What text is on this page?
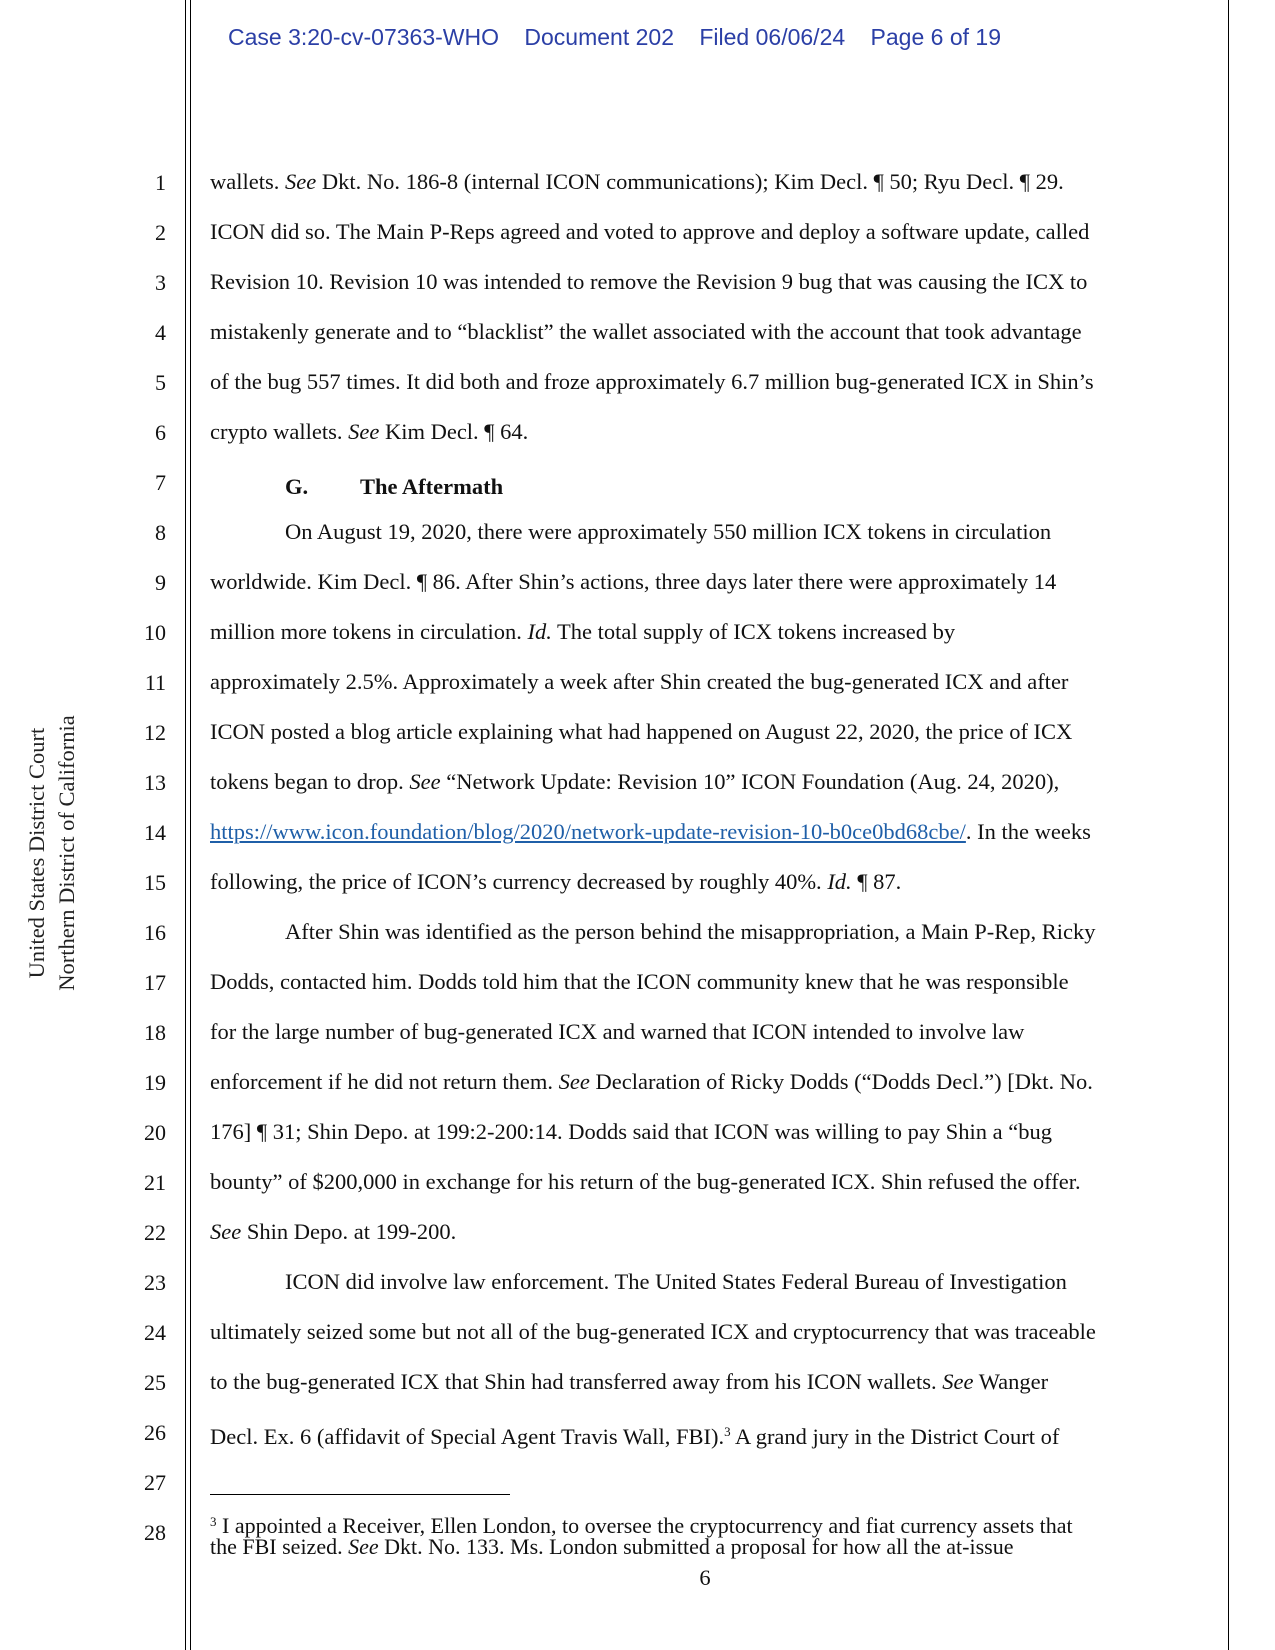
Case 3:20-cv-07363-WHO Document 202 Filed 06/06/24 Page 6 of 19
United States District Court Northern District of California
1
2
3
4
5
6
7
8
9
10
11
12
13
14
15
16
17
18
19
20
21
22
23
24
25
26
27
28
wallets. See Dkt. No. 186-8 (internal ICON communications); Kim Decl. ¶ 50; Ryu Decl. ¶ 29.
ICON did so. The Main P-Reps agreed and voted to approve and deploy a software update, called
Revision 10. Revision 10 was intended to remove the Revision 9 bug that was causing the ICX to
mistakenly generate and to “blacklist” the wallet associated with the account that took advantage
of the bug 557 times. It did both and froze approximately 6.7 million bug-generated ICX in Shin’s
crypto wallets. See Kim Decl. ¶ 64.
G. The Aftermath
On August 19, 2020, there were approximately 550 million ICX tokens in circulation
worldwide. Kim Decl. ¶ 86. After Shin’s actions, three days later there were approximately 14
million more tokens in circulation. Id. The total supply of ICX tokens increased by
approximately 2.5%. Approximately a week after Shin created the bug-generated ICX and after
ICON posted a blog article explaining what had happened on August 22, 2020, the price of ICX
tokens began to drop. See “Network Update: Revision 10” ICON Foundation (Aug. 24, 2020),
https://www.icon.foundation/blog/2020/network-update-revision-10-b0ce0bd68cbe/. In the weeks
following, the price of ICON’s currency decreased by roughly 40%. Id. ¶ 87.
After Shin was identified as the person behind the misappropriation, a Main P-Rep, Ricky
Dodds, contacted him. Dodds told him that the ICON community knew that he was responsible
for the large number of bug-generated ICX and warned that ICON intended to involve law
enforcement if he did not return them. See Declaration of Ricky Dodds (“Dodds Decl.”) [Dkt. No.
176] ¶ 31; Shin Depo. at 199:2-200:14. Dodds said that ICON was willing to pay Shin a “bug
bounty” of $200,000 in exchange for his return of the bug-generated ICX. Shin refused the offer.
See Shin Depo. at 199-200.
ICON did involve law enforcement. The United States Federal Bureau of Investigation
ultimately seized some but not all of the bug-generated ICX and cryptocurrency that was traceable
to the bug-generated ICX that Shin had transferred away from his ICON wallets. See Wanger
Decl. Ex. 6 (affidavit of Special Agent Travis Wall, FBI).$^3$ A grand jury in the District Court of
$^3$ I appointed a Receiver, Ellen London, to oversee the cryptocurrency and fiat currency assets that
the FBI seized. See Dkt. No. 133. Ms. London submitted a proposal for how all the at-issue
6
